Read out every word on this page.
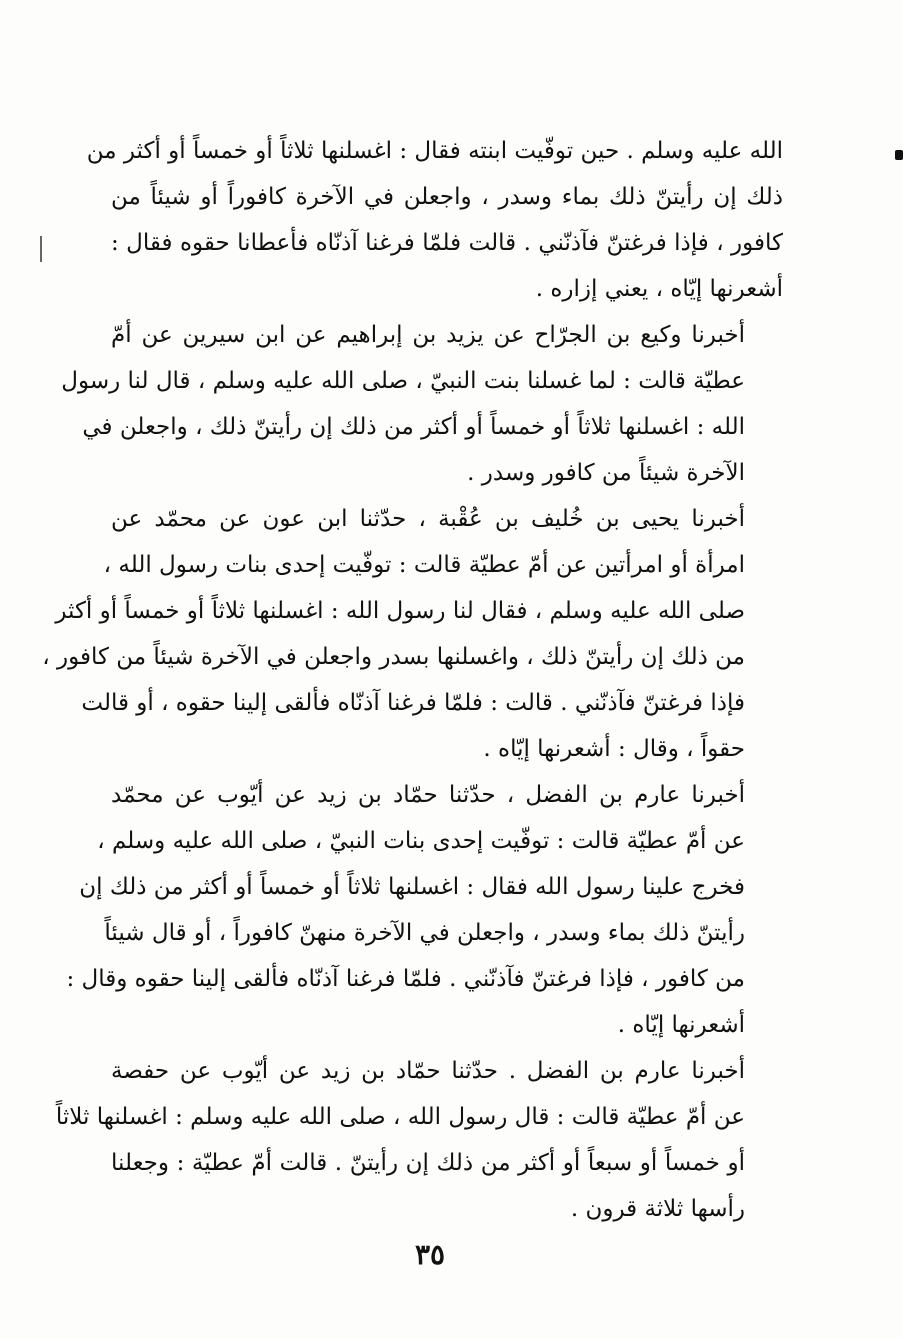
الله عليه وسلم . حين توفّيت ابنته فقال : اغسلنها ثلاثاً أو خمساً أو أكثر من
ذلك إن رأيتنّ ذلك بماء وسدر ، واجعلن في الآخرة كافوراً أو شيئاً من
كافور ، فإذا فرغتنّ فآذنّني . قالت فلمّا فرغنا آذنّاه فأعطانا حقوه فقال :
أشعرنها إيّاه ، يعني إزاره .

أخبرنا وكيع بن الجرّاح عن يزيد بن إبراهيم عن ابن سيرين عن أمّ
عطيّة قالت : لما غسلنا بنت النبيّ ، صلى الله عليه وسلم ، قال لنا رسول
الله : اغسلنها ثلاثاً أو خمساً أو أكثر من ذلك إن رأيتنّ ذلك ، واجعلن في
الآخرة شيئاً من كافور وسدر .

أخبرنا يحيى بن خُليف بن عُقْبة ، حدّثنا ابن عون عن محمّد عن
امرأة أو امرأتين عن أمّ عطيّة قالت : توفّيت إحدى بنات رسول الله ،
صلى الله عليه وسلم ، فقال لنا رسول الله : اغسلنها ثلاثاً أو خمساً أو أكثر
من ذلك إن رأيتنّ ذلك ، واغسلنها بسدر واجعلن في الآخرة شيئاً من كافور ،
فإذا فرغتنّ فآذنّني . قالت : فلمّا فرغنا آذنّاه فألقى إلينا حقوه ، أو قالت
حقواً ، وقال : أشعرنها إيّاه .

أخبرنا عارم بن الفضل ، حدّثنا حمّاد بن زيد عن أيّوب عن محمّد
عن أمّ عطيّة قالت : توفّيت إحدى بنات النبيّ ، صلى الله عليه وسلم ،
فخرج علينا رسول الله فقال : اغسلنها ثلاثاً أو خمساً أو أكثر من ذلك إن
رأيتنّ ذلك بماء وسدر ، واجعلن في الآخرة منهنّ كافوراً ، أو قال شيئاً
من كافور ، فإذا فرغتنّ فآذنّني . فلمّا فرغنا آذنّاه فألقى إلينا حقوه وقال :
أشعرنها إيّاه .

أخبرنا عارم بن الفضل . حدّثنا حمّاد بن زيد عن أيّوب عن حفصة
عن أمّ عطيّة قالت : قال رسول الله ، صلى الله عليه وسلم : اغسلنها ثلاثاً
أو خمساً أو سبعاً أو أكثر من ذلك إن رأيتنّ . قالت أمّ عطيّة : وجعلنا
رأسها ثلاثة قرون .

٣٥
